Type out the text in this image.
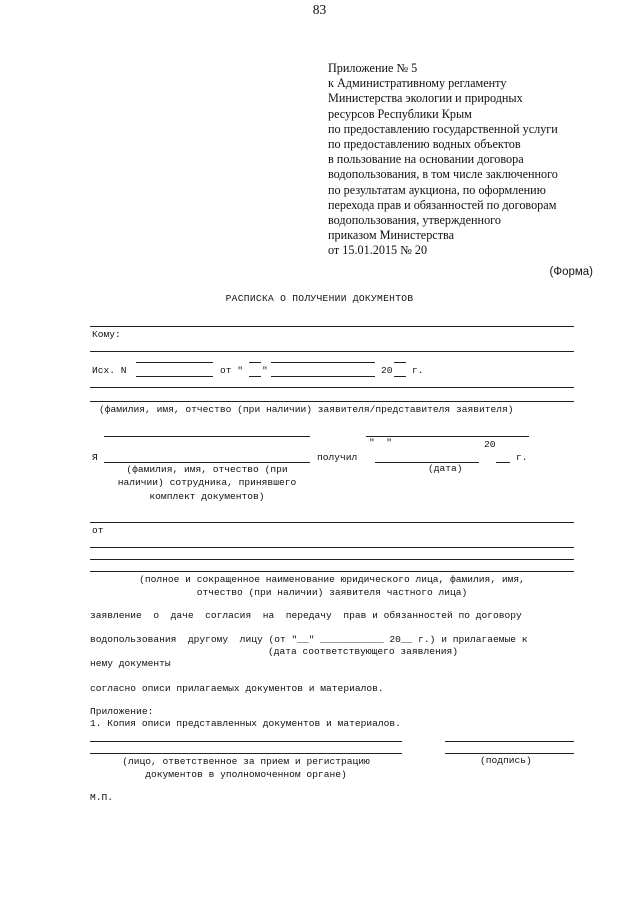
83
Приложение № 5
к Административному регламенту
Министерства экологии и природных
ресурсов Республики Крым
по предоставлению государственной услуги
по предоставлению водных объектов
в пользование на основании договора
водопользования, в том числе заключенного
по результатам аукциона, по оформлению
перехода прав и обязанностей по договорам
водопользования, утвержденного
приказом Министерства
от 15.01.2015 № 20
(Форма)
РАСПИСКА О ПОЛУЧЕНИИ ДОКУМЕНТОВ
Кому:
Исх. N	от " "	20 г.
(фамилия, имя, отчество (при наличии) заявителя/представителя заявителя)
"  "	20
Я	получил	г.
(фамилия, имя, отчество (при
наличии) сотрудника, принявшего
комплект документов)
(дата)
от
(полное и сокращенное наименование юридического лица, фамилия, имя,
отчество (при наличии) заявителя частного лица)
заявление  о  даче  согласия  на  передачу  прав и обязанностей по договору
водопользования  другому  лицу (от "__" ___________ 20__ г.) и прилагаемые к
(дата соответствующего заявления)
нему документы
согласно описи прилагаемых документов и материалов.
Приложение:
1. Копия описи представленных документов и материалов.
(лицо, ответственное за прием и регистрацию
документов в уполномоченном органе)
(подпись)
М.П.
